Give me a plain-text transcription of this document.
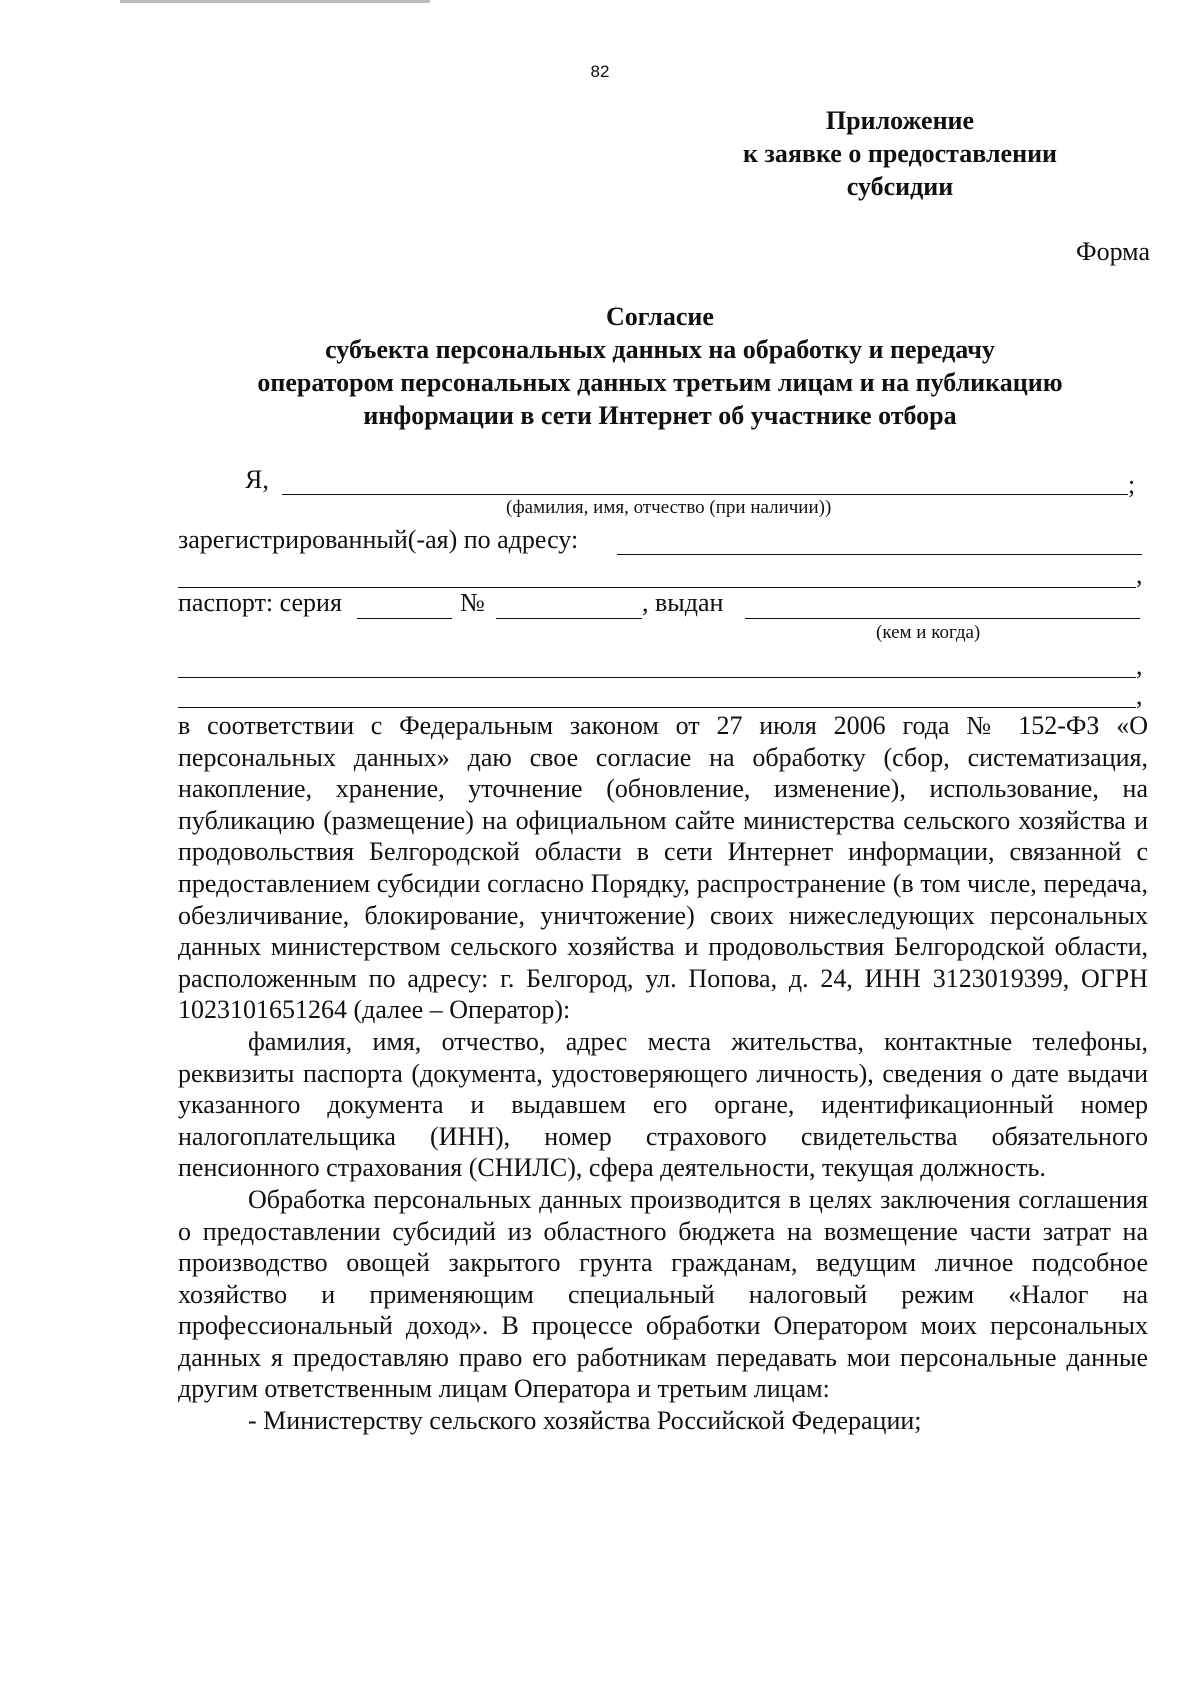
82
Приложение
к заявке о предоставлении
субсидии
Форма
Согласие
субъекта персональных данных на обработку и передачу
оператором персональных данных третьим лицам и на публикацию
информации в сети Интернет об участнике отбора
Я,	;
(фамилия, имя, отчество (при наличии))
зарегистрированный(-ая) по адресу:
,
паспорт: серия	№	, выдан
(кем и когда)
,
,

в соответствии с Федеральным законом от 27 июля 2006 года № 152-ФЗ «О персональных данных» даю свое согласие на обработку (сбор, систематизация, накопление, хранение, уточнение (обновление, изменение), использование, на публикацию (размещение) на официальном сайте министерства сельского хозяйства и продовольствия Белгородской области в сети Интернет информации, связанной с предоставлением субсидии согласно Порядку, распространение (в том числе, передача, обезличивание, блокирование, уничтожение) своих нижеследующих персональных данных министерством сельского хозяйства и продовольствия Белгородской области, расположенным по адресу: г. Белгород, ул. Попова, д. 24, ИНН 3123019399, ОГРН 1023101651264 (далее – Оператор):

фамилия, имя, отчество, адрес места жительства, контактные телефоны, реквизиты паспорта (документа, удостоверяющего личность), сведения о дате выдачи указанного документа и выдавшем его органе, идентификационный номер налогоплательщика (ИНН), номер страхового свидетельства обязательного пенсионного страхования (СНИЛС), сфера деятельности, текущая должность.

Обработка персональных данных производится в целях заключения соглашения о предоставлении субсидий из областного бюджета на возмещение части затрат на производство овощей закрытого грунта гражданам, ведущим личное подсобное хозяйство и применяющим специальный налоговый режим «Налог на профессиональный доход». В процессе обработки Оператором моих персональных данных я предоставляю право его работникам передавать мои персональные данные другим ответственным лицам Оператора и третьим лицам:

- Министерству сельского хозяйства Российской Федерации;
